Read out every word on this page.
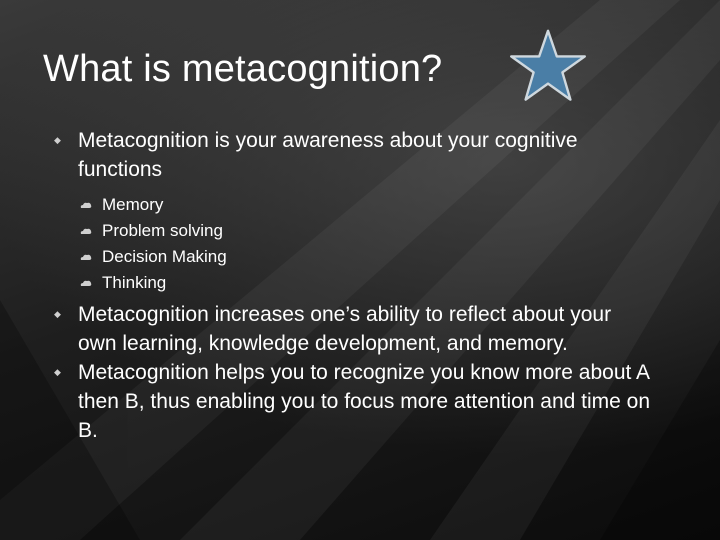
What is metacognition?
◆ Metacognition is your awareness about your cognitive functions
Memory
Problem solving
Decision Making
Thinking
◆ Metacognition increases one’s ability to reflect about your own learning, knowledge development, and memory.
◆ Metacognition helps you to recognize you know more about A then B, thus enabling you to focus more attention and time on B.
